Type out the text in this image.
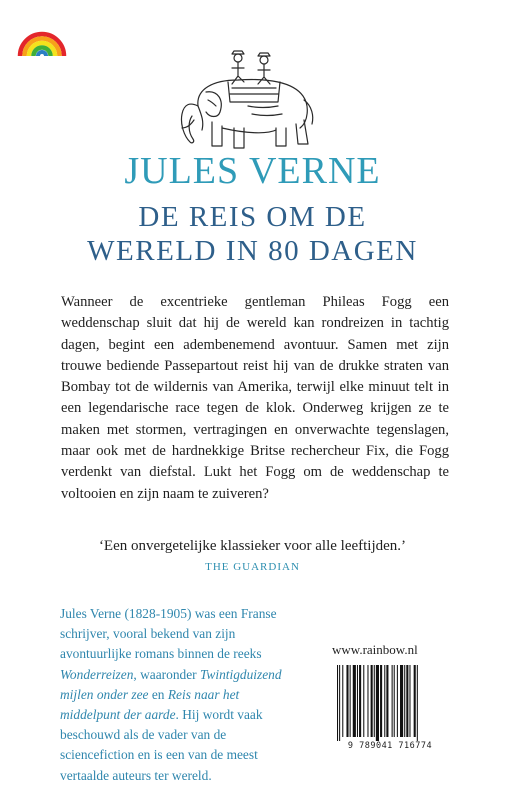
JULES VERNE
DE REIS OM DE
WERELD IN 80 DAGEN
Wanneer de excentrieke gentleman Phileas Fogg een weddenschap sluit dat hij de wereld kan rondreizen in tachtig dagen, begint een adembenemend avontuur. Samen met zijn trouwe bediende Passepartout reist hij van de drukke straten van Bombay tot de wildernis van Amerika, terwijl elke minuut telt in een legendarische race tegen de klok. Onderweg krijgen ze te maken met stormen, vertragingen en onverwachte tegenslagen, maar ook met de hardnekkige Britse rechercheur Fix, die Fogg verdenkt van diefstal. Lukt het Fogg om de weddenschap te voltooien en zijn naam te zuiveren?
‘Een onvergetelijke klassieker voor alle leeftijden.’
THE GUARDIAN
Jules Verne (1828-1905) was een Franse schrijver, vooral bekend van zijn avontuurlijke romans binnen de reeks Wonderreizen, waaronder Twintigduizend mijlen onder zee en Reis naar het middelpunt der aarde. Hij wordt vaak beschouwd als de vader van de sciencefiction en is een van de meest vertaalde auteurs ter wereld.
www.rainbow.nl
9 789041 716774
